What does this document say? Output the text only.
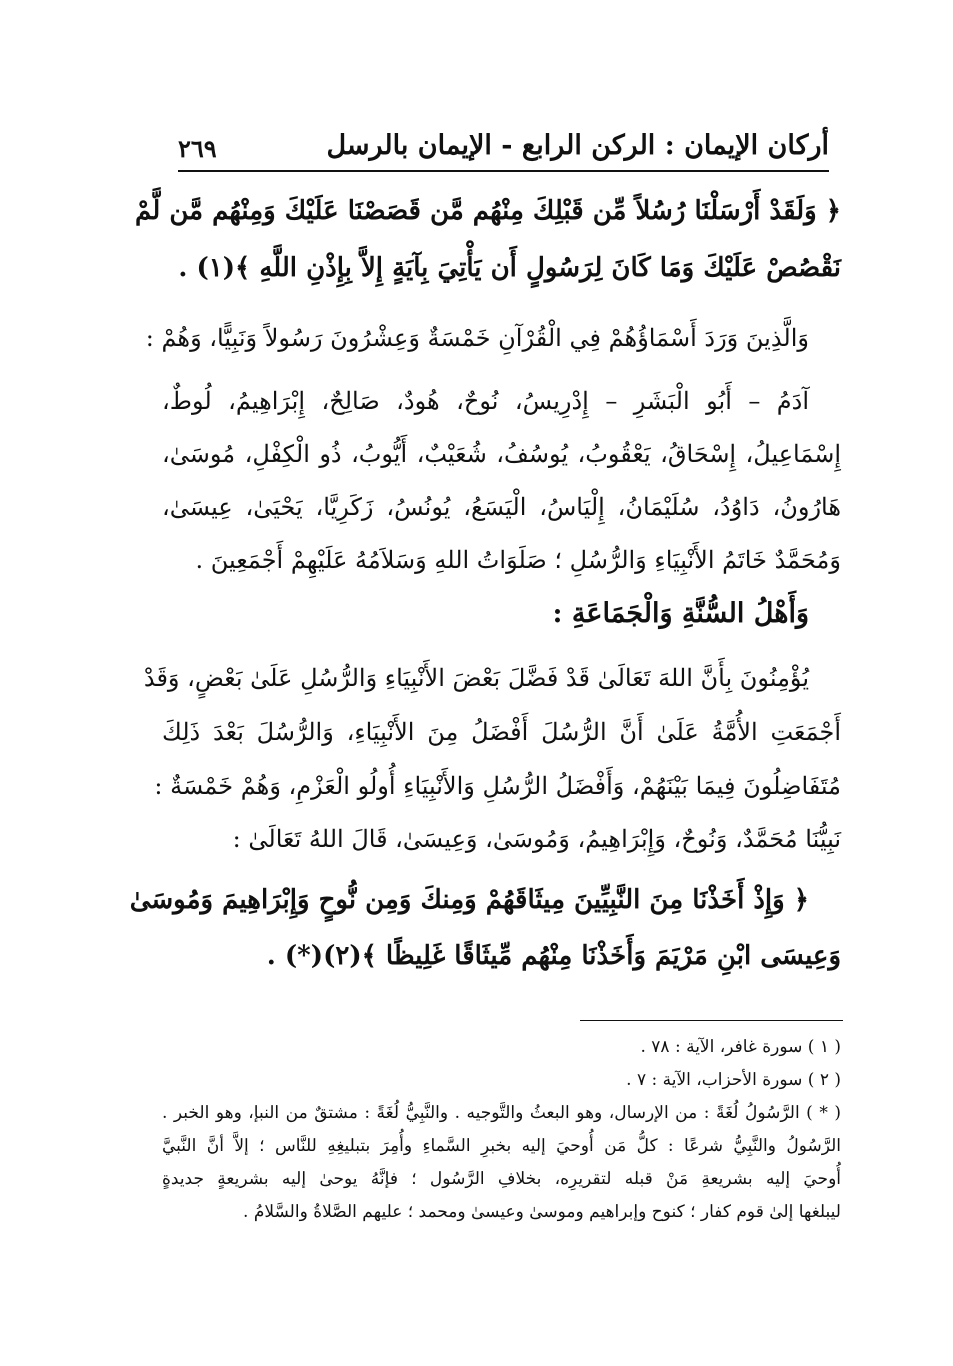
أركان الإيمان : الركن الرابع - الإيمان بالرسل
٢٦٩
﴿ وَلَقَدْ أَرْسَلْنَا رُسُلاً مِّن قَبْلِكَ مِنْهُم مَّن قَصَصْنَا عَلَيْكَ وَمِنْهُم مَّن لَّمْ
نَقْصُصْ عَلَيْكَ وَمَا كَانَ لِرَسُولٍ أَن يَأْتِيَ بِآيَةٍ إِلاَّ بِإِذْنِ اللَّهِ ﴾(١) .
وَالَّذِينَ وَرَدَ أَسْمَاؤُهُمْ فِي الْقُرْآنِ خَمْسَةٌ وَعِشْرُونَ رَسُولاً وَنَبِيًّا، وَهُمْ :
آدَمُ – أَبُو الْبَشَرِ – إِدْرِيسُ، نُوحٌ، هُودٌ، صَالِحٌ، إِبْرَاهِيمُ، لُوطٌ،
إِسْمَاعِيلُ، إِسْحَاقُ، يَعْقُوبُ، يُوسُفُ، شُعَيْبٌ، أَيُّوبُ، ذُو الْكِفْلِ، مُوسَىٰ،
هَارُونُ، دَاوُدُ، سُلَيْمَانُ، إِلْيَاسُ، الْيَسَعُ، يُونُسُ، زَكَرِيَّا، يَحْيَىٰ، عِيسَىٰ،
وَمُحَمَّدٌ خَاتَمُ الأَنْبِيَاءِ وَالرُّسُلِ ؛ صَلَوَاتُ اللهِ وَسَلاَمُهُ عَلَيْهِمْ أَجْمَعِينَ .
وَأَهْلُ السُّنَّةِ وَالْجَمَاعَةِ :
يُؤْمِنُونَ بِأَنَّ اللهَ تَعَالَىٰ قَدْ فَضَّلَ بَعْضَ الأَنْبِيَاءِ وَالرُّسُلِ عَلَىٰ بَعْضٍ، وَقَدْ
أَجْمَعَتِ الأُمَّةُ عَلَىٰ أَنَّ الرُّسُلَ أَفْضَلُ مِنَ الأَنْبِيَاءِ، وَالرُّسُلَ بَعْدَ ذَلِكَ
مُتَفَاضِلُونَ فِيمَا بَيْنَهُمْ، وَأَفْضَلُ الرُّسُلِ وَالأَنْبِيَاءِ أُولُو الْعَزْمِ، وَهُمْ خَمْسَةٌ :
نَبِيُّنَا مُحَمَّدٌ، وَنُوحٌ، وَإِبْرَاهِيمُ، وَمُوسَىٰ، وَعِيسَىٰ، قَالَ اللهُ تَعَالَىٰ :
﴿ وَإِذْ أَخَذْنَا مِنَ النَّبِيِّينَ مِيثَاقَهُمْ وَمِنكَ وَمِن نُّوحٍ وَإِبْرَاهِيمَ وَمُوسَىٰ
وَعِيسَى ابْنِ مَرْيَمَ وَأَخَذْنَا مِنْهُم مِّيثَاقًا غَلِيظًا ﴾(٢)(*) .
( ١ ) سورة غافر، الآية : ٧٨ .
( ٢ ) سورة الأحزاب، الآية : ٧ .
( * ) الرَّسُولُ لُغَةً : من الإرسال، وهو البعثُ والتَّوجيه . والنَّبِيُّ لُغَةً : مشتقٌ من النبإ، وهو الخبر .
الرَّسُولُ والنَّبِيُّ شرعًا : كلُّ مَن أُوحيَ إليه بخبرِ السَّماءِ وأُمِرَ بتبليغِهِ للنَّاس ؛ إلاَّ أنَّ النَّبيَّ
أُوحيَ إليه بشريعةِ مَنْ قبله لتقريرِه، بخلافِ الرَّسُول ؛ فإنَّهُ يوحىٰ إليه بشريعةٍ جديدةٍ
ليبلغها إلىٰ قوم كفار ؛ كنوح وإبراهيم وموسىٰ وعيسىٰ ومحمد ؛ عليهم الصَّلاةُ والسَّلامُ .
